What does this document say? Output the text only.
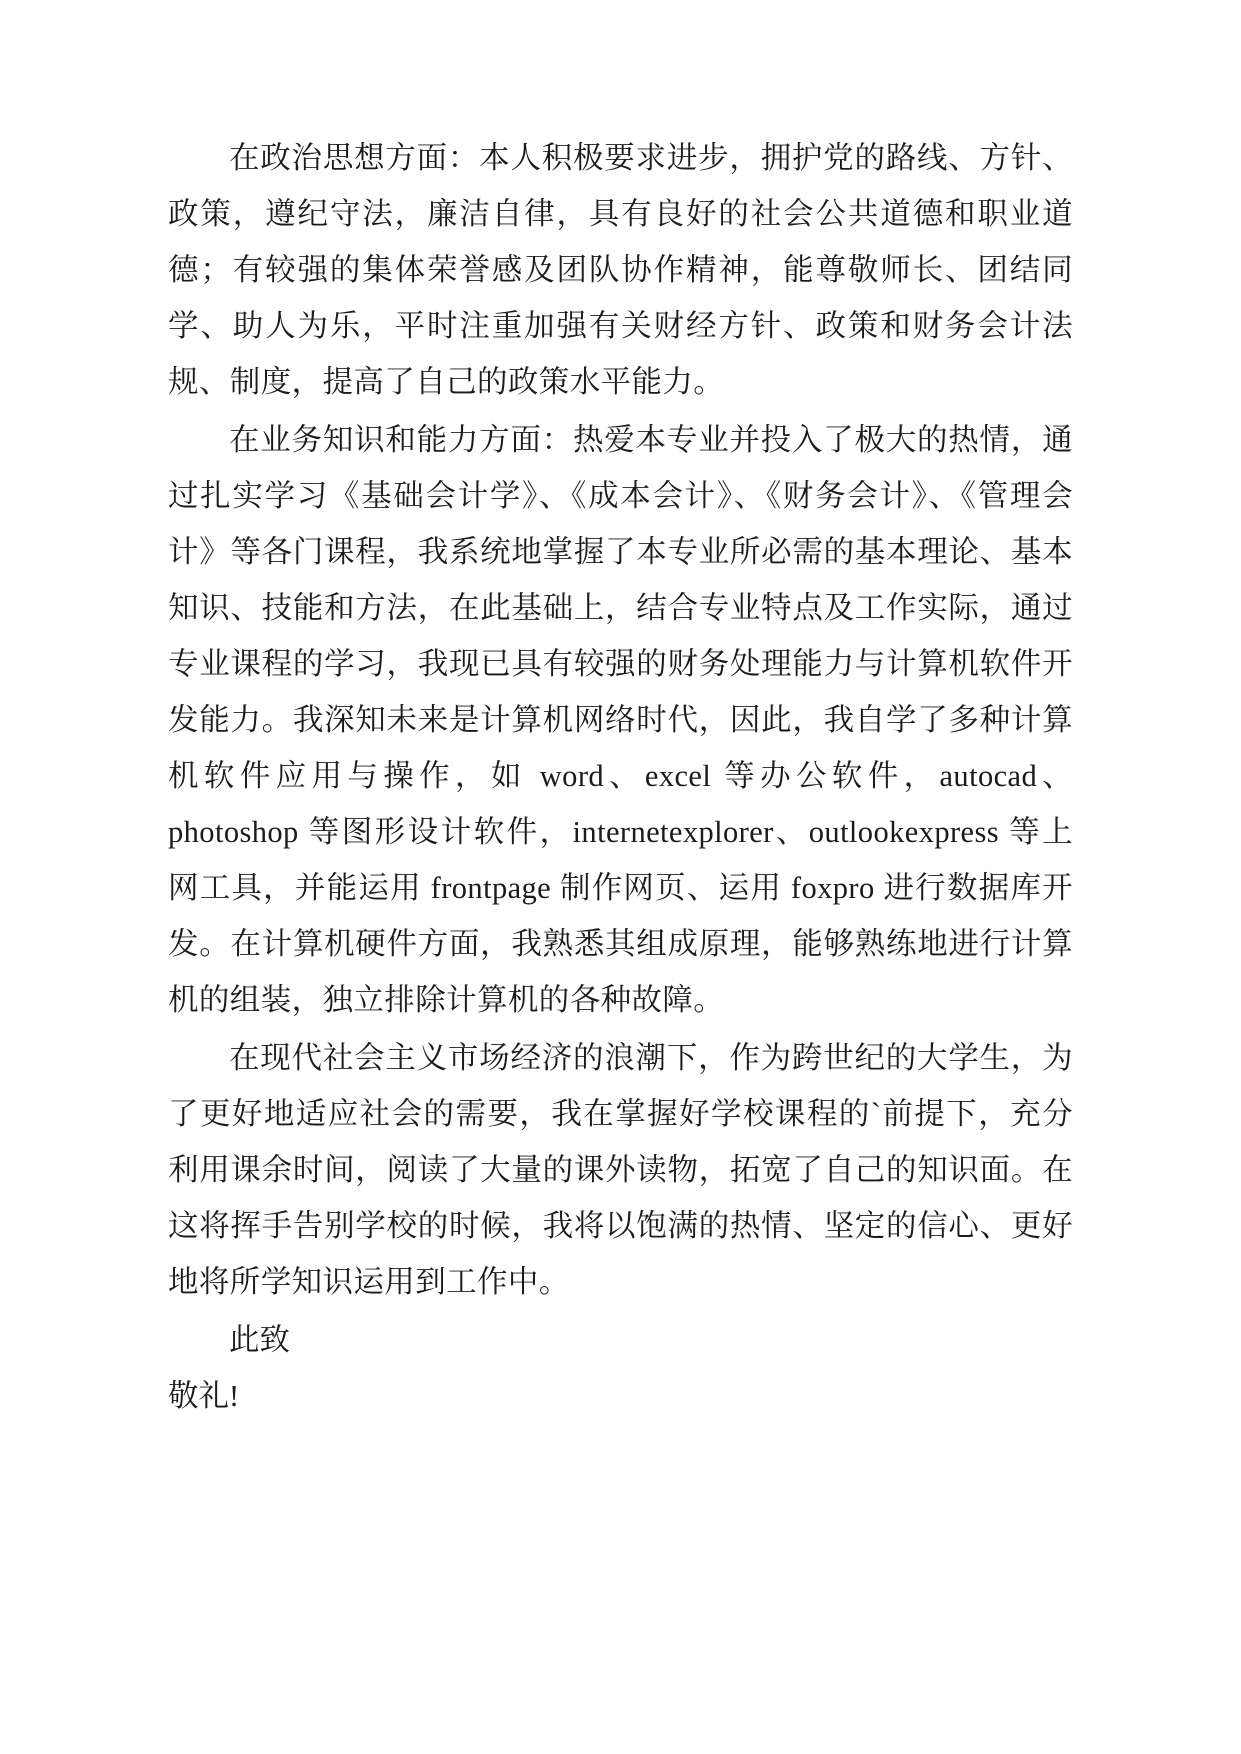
在政治思想方面：本人积极要求进步，拥护党的路线、方针、政策，遵纪守法，廉洁自律，具有良好的社会公共道德和职业道德；有较强的集体荣誉感及团队协作精神，能尊敬师长、团结同学、助人为乐，平时注重加强有关财经方针、政策和财务会计法规、制度，提高了自己的政策水平能力。

在业务知识和能力方面：热爱本专业并投入了极大的热情，通过扎实学习《基础会计学》、《成本会计》、《财务会计》、《管理会计》等各门课程，我系统地掌握了本专业所必需的基本理论、基本知识、技能和方法，在此基础上，结合专业特点及工作实际，通过专业课程的学习，我现已具有较强的财务处理能力与计算机软件开发能力。我深知未来是计算机网络时代，因此，我自学了多种计算机软件应用与操作，如 word、excel 等办公软件，autocad、photoshop 等图形设计软件，internetexplorer、outlookexpress 等上网工具，并能运用 frontpage 制作网页、运用 foxpro 进行数据库开发。在计算机硬件方面，我熟悉其组成原理，能够熟练地进行计算机的组装，独立排除计算机的各种故障。

在现代社会主义市场经济的浪潮下，作为跨世纪的大学生，为了更好地适应社会的需要，我在掌握好学校课程的`前提下，充分利用课余时间，阅读了大量的课外读物，拓宽了自己的知识面。在这将挥手告别学校的时候，我将以饱满的热情、坚定的信心、更好地将所学知识运用到工作中。

此致

敬礼!
